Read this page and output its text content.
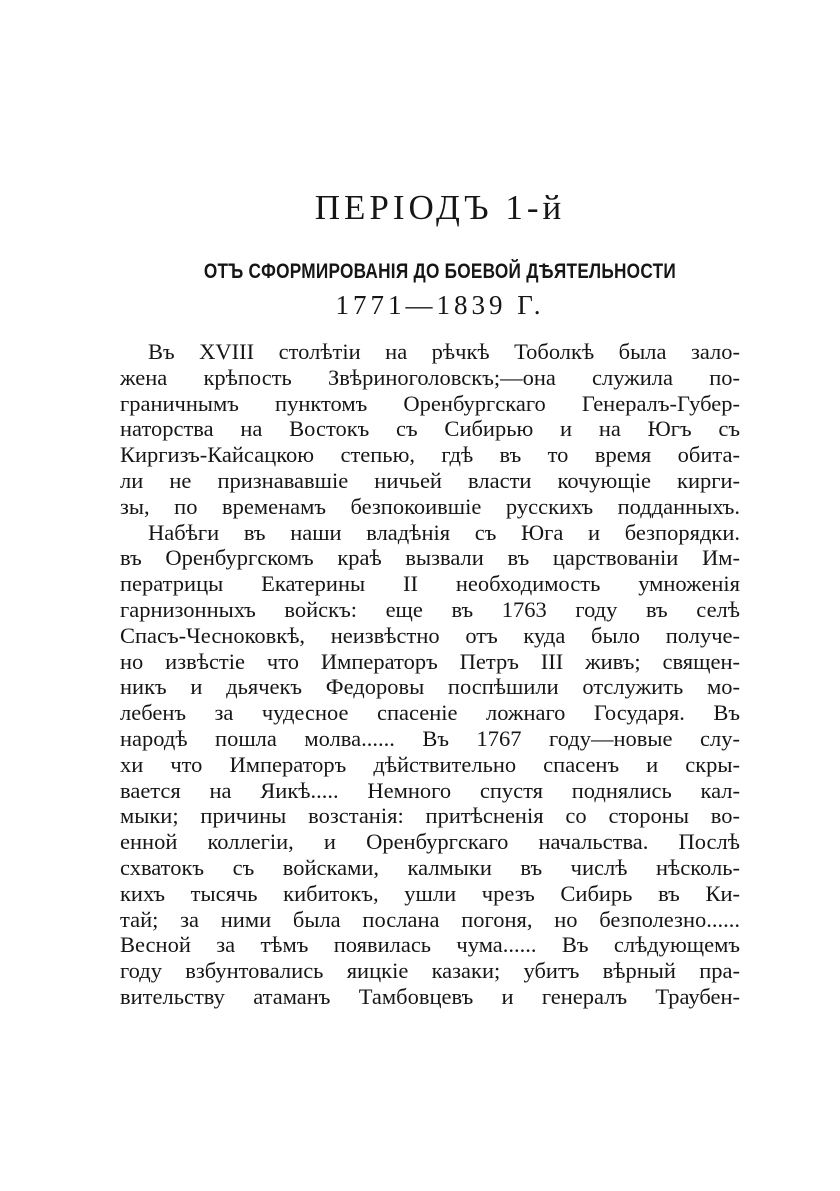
ПЕРІОДЪ 1-й
ОТЪ СФОРМИРОВАНІЯ ДО БОЕВОЙ ДѢЯТЕЛЬНОСТИ
1771—1839 Г.
Въ XVIII столѣтіи на рѣчкѣ Тоболкѣ была зало-
жена крѣпость Звѣриноголовскъ;—она служила по-
граничнымъ пунктомъ Оренбургскаго Генералъ-Губер-
наторства на Востокъ съ Сибирью и на Югъ съ
Киргизъ-Кайсацкою степью, гдѣ въ то время обита-
ли не признававшіе ничьей власти кочующіе кирги-
зы, по временамъ безпокоившіе русскихъ подданныхъ.
Набѣги въ наши владѣнія съ Юга и безпорядки.
въ Оренбургскомъ краѣ вызвали въ царствованіи Им-
ператрицы Екатерины II необходимость умноженія
гарнизонныхъ войскъ: еще въ 1763 году въ селѣ
Спасъ-Чесноковкѣ, неизвѣстно отъ куда было получе-
но извѣстіе что Императоръ Петръ III живъ; священ-
никъ и дьячекъ Федоровы поспѣшили отслужить мо-
лебенъ за чудесное спасеніе ложнаго Государя. Въ
народѣ пошла молва...... Въ 1767 году—новые слу-
хи что Императоръ дѣйствительно спасенъ и скры-
вается на Яикѣ..... Немного спустя поднялись кал-
мыки; причины возстанія: притѣсненія со стороны во-
енной коллегіи, и Оренбургскаго начальства. Послѣ
схватокъ съ войсками, калмыки въ числѣ нѣсколь-
кихъ тысячь кибитокъ, ушли чрезъ Сибирь въ Ки-
тай; за ними была послана погоня, но безполезно......
Весной за тѣмъ появилась чума...... Въ слѣдующемъ
году взбунтовались яицкіе казаки; убитъ вѣрный пра-
вительству атаманъ Тамбовцевъ и генералъ Траубен-
